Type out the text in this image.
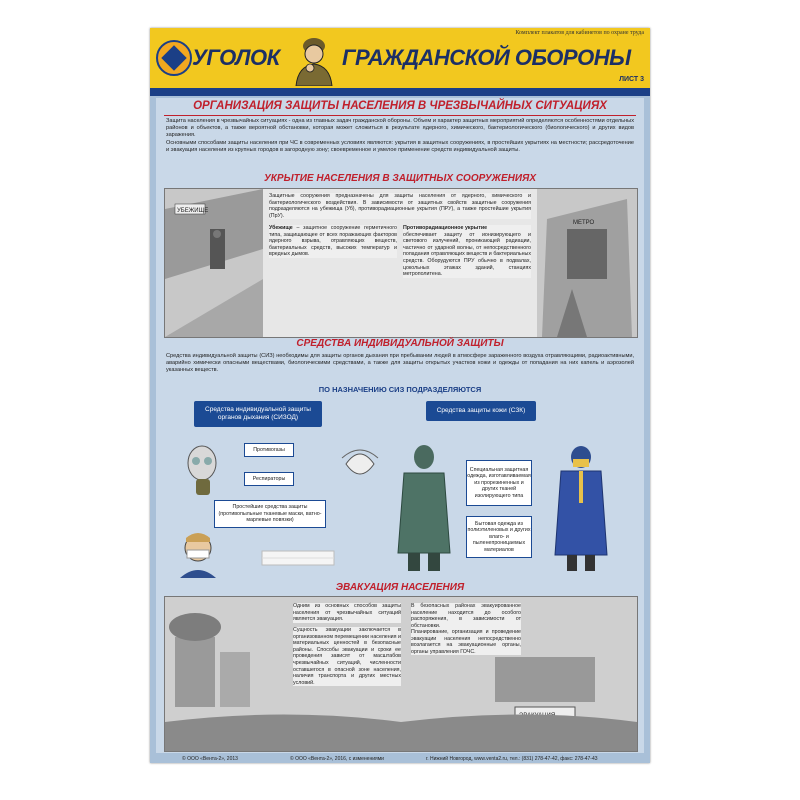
Комплект плакатов для кабинетов по охране труда
УГОЛОК	ГРАЖДАНСКОЙ ОБОРОНЫ
ЛИСТ 3
ОРГАНИЗАЦИЯ ЗАЩИТЫ НАСЕЛЕНИЯ В ЧРЕЗВЫЧАЙНЫХ СИТУАЦИЯХ
Защита населения в чрезвычайных ситуациях - одна из главных задач гражданской обороны. Объем и характер защитных мероприятий определяются особенностями отдельных районов и объектов, а также вероятной обстановки, которая может сложиться в результате ядерного, химического, бактериологического (биологического) и других видов заражения.
Основными способами защиты населения при ЧС в современных условиях являются: укрытия в защитных сооружениях, в простейших укрытиях на местности; рассредоточение и эвакуация населения из крупных городов в загородную зону; своевременное и умелое применение средств индивидуальной защиты.
УКРЫТИЕ НАСЕЛЕНИЯ В ЗАЩИТНЫХ СООРУЖЕНИЯХ
УБЕЖИЩЕ
Защитные сооружения предназначены для защиты населения от ядерного, химического и бактериологического воздействия. В зависимости от защитных свойств защитные сооружения подразделяются на убежища (Уб), противорадиационные укрытия (ПРУ), а также простейшие укрытия (ПрУ).
Убежище – защитное сооружение герметичного типа, защищающее от всех поражающих факторов ядерного взрыва, отравляющих веществ, бактериальных средств, высоких температур и вредных дымов.
Противорадиационное укрытие
обеспечивает защиту от ионизирующего и светового излучений, проникающей радиации, частично от ударной волны, от непосредственного попадания отравляющих веществ и бактериальных средств. Оборудуются ПРУ обычно в подвалах, цокольных этажах зданий, станциях метрополитена.
МЕТРО
СРЕДСТВА ИНДИВИДУАЛЬНОЙ ЗАЩИТЫ
Средства индивидуальной защиты (СИЗ) необходимы для защиты органов дыхания при пребывании людей в атмосфере зараженного воздуха отравляющими, радиоактивными, аварийно химически опасными веществами, биологическими средствами, а также для защиты открытых участков кожи и одежды от попадания на них капель и аэрозолей указанных веществ.
ПО НАЗНАЧЕНИЮ СИЗ ПОДРАЗДЕЛЯЮТСЯ
Средства индивидуальной защиты органов дыхания (СИЗОД)
Средства защиты кожи (СЗК)
Противогазы
Респираторы
Простейшие средства защиты (противопыльные тканевые маски, ватно-марлевые повязки)
Специальная защитная одежда, изготавливаемая из прорезиненных и других тканей изолирующего типа
Бытовая одежда из полиэтиленовых и других влаго- и пыленепроницаемых материалов
ЭВАКУАЦИЯ НАСЕЛЕНИЯ
Одним из основных способов защиты населения от чрезвычайных ситуаций является эвакуация.
Сущность эвакуации заключается в организованном перемещении населения и материальных ценностей в безопасные районы. Способы эвакуации и сроки ее проведения зависят от масштабов чрезвычайных ситуаций, численности оставшегося в опасной зоне населения, наличия транспорта и других местных условий.
В безопасных районах эвакуированное население находится до особого распоряжения, в зависимости от обстановки.
Планирование, организация и проведение эвакуации населения непосредственно возлагается на эвакуационные органы, органы управления ГОЧС.
© ООО «Вента-2», 2013	© ООО «Вента-2», 2016, с изменениями	г. Нижний Новгород, www.venta2.ru, тел.: (831) 278-47-42, факс: 278-47-43
